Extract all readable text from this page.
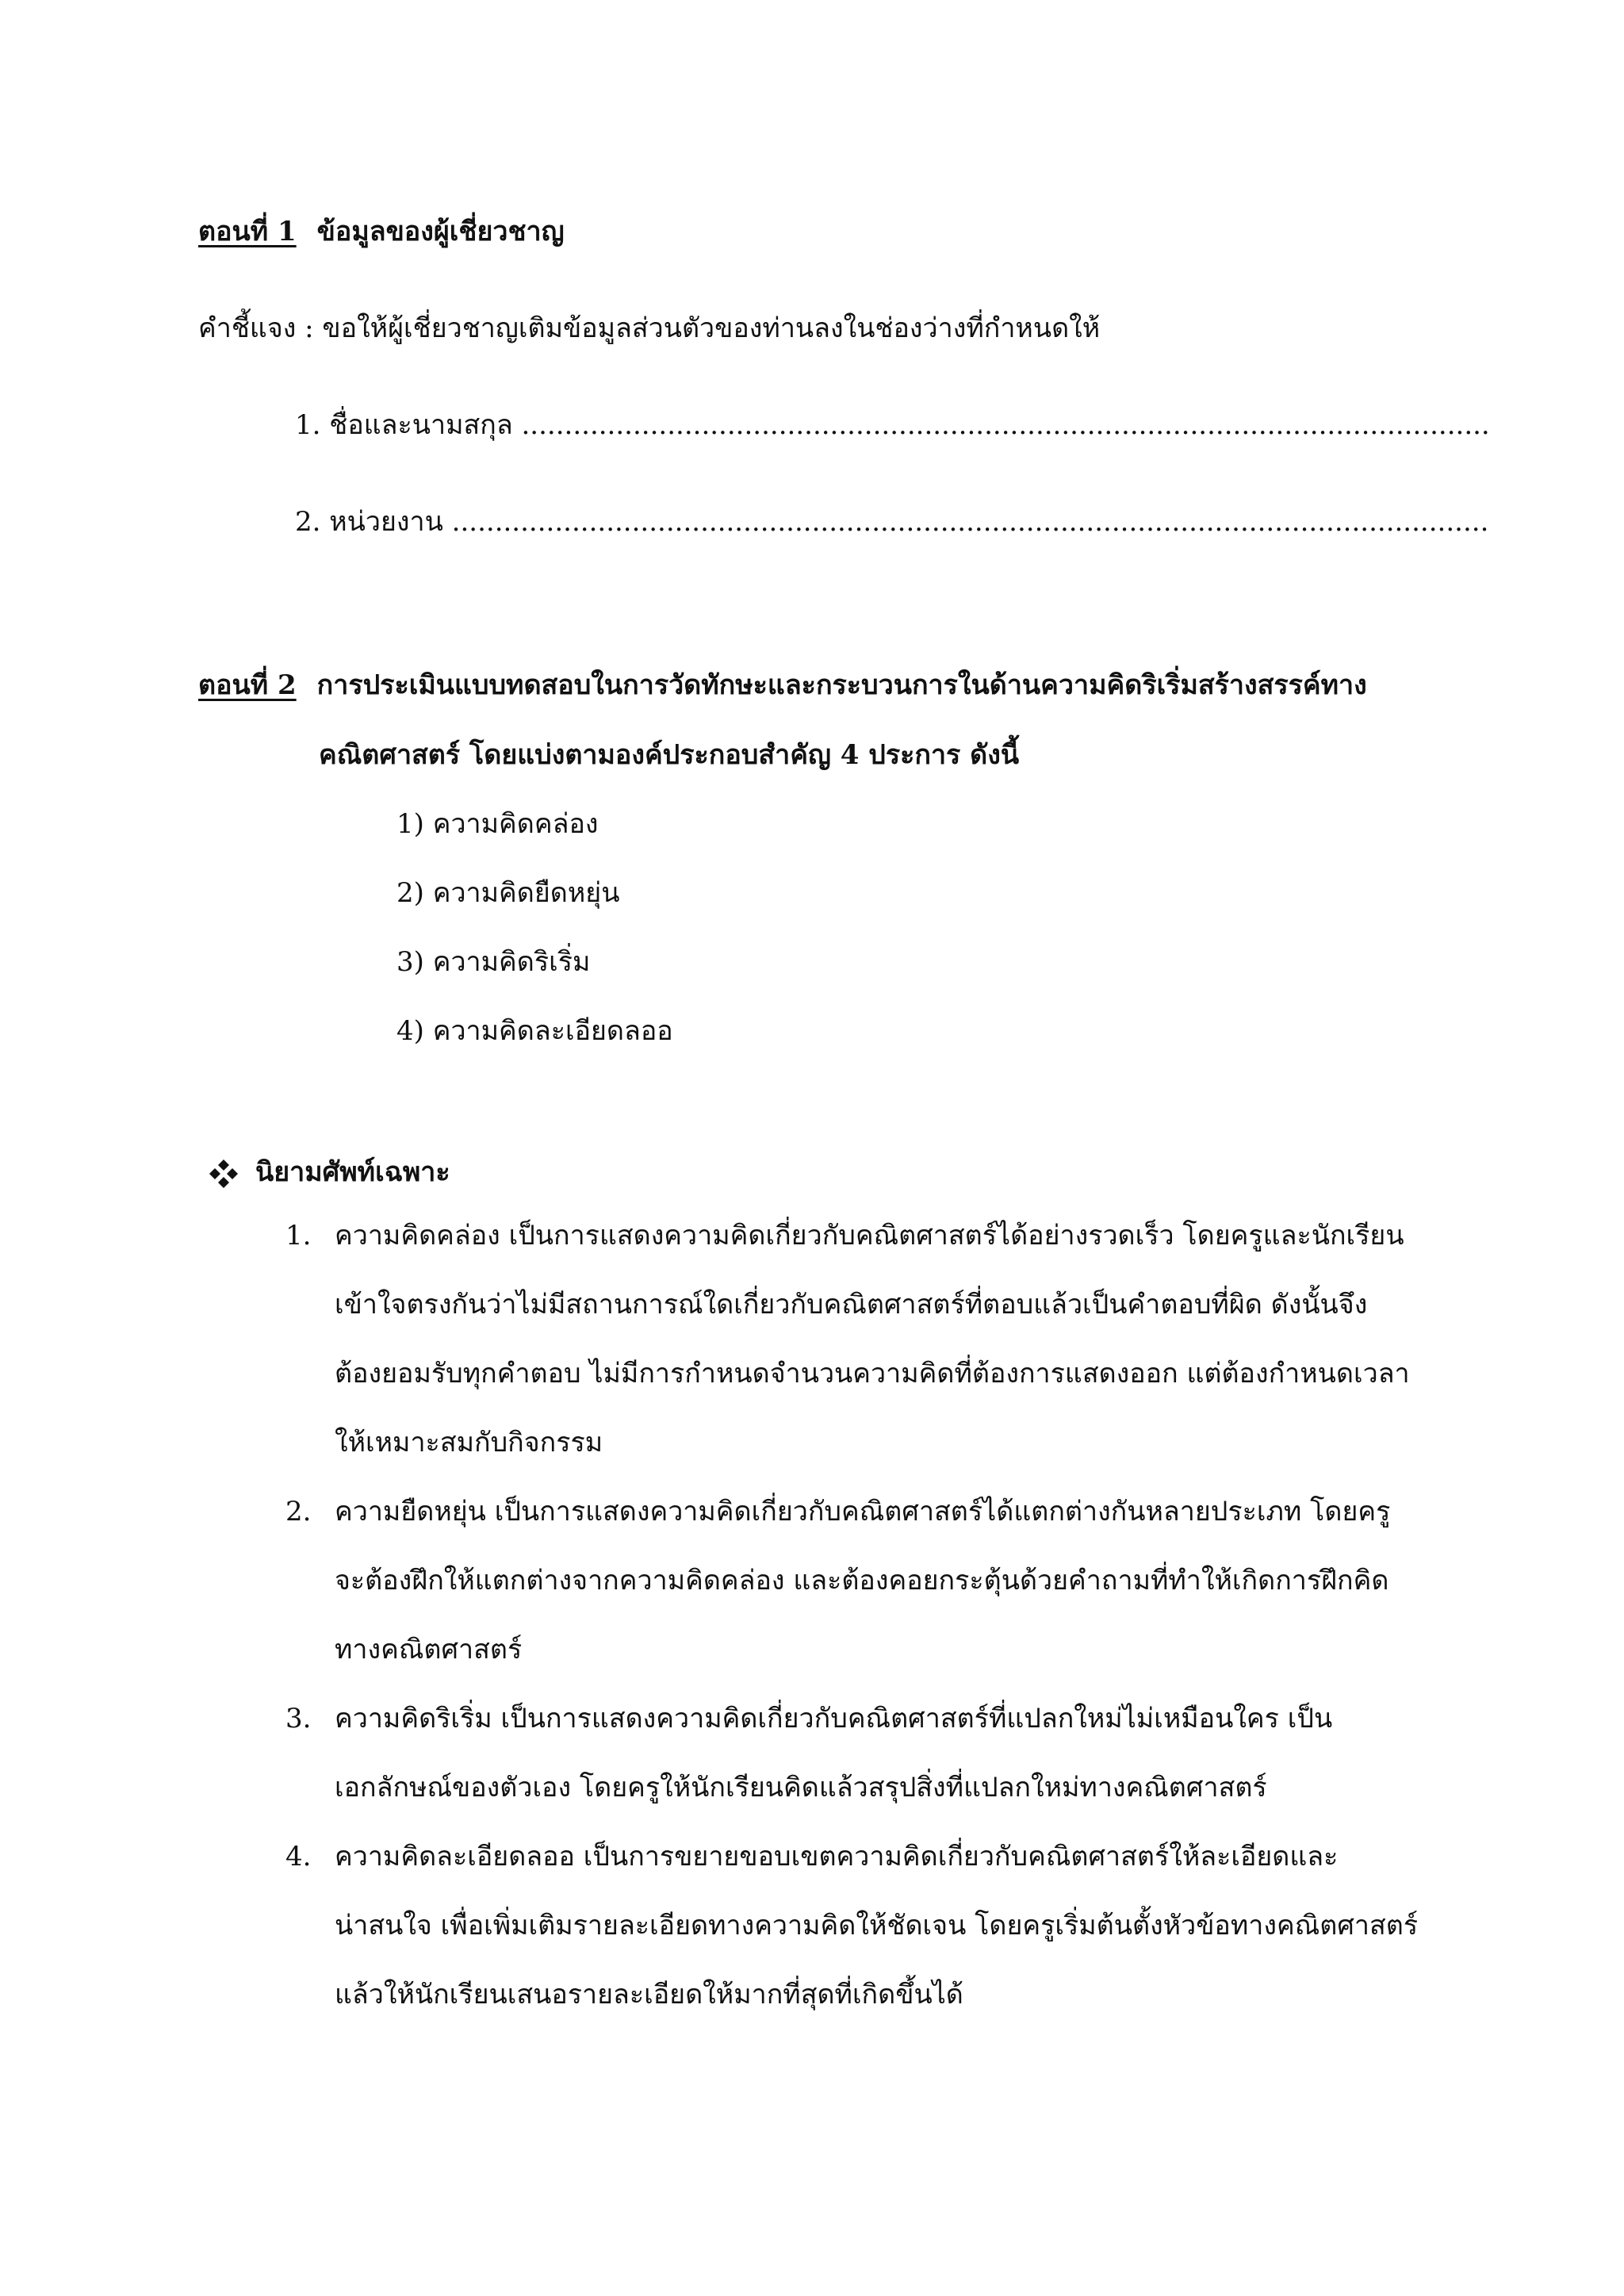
ตอนที่ 1 ข้อมูลของผู้เชี่ยวชาญ
คำชี้แจง : ขอให้ผู้เชี่ยวชาญเติมข้อมูลส่วนตัวของท่านลงในช่องว่างที่กำหนดให้
1. ชื่อและนามสกุล .................................................................................................................
2. หน่วยงาน .........................................................................................................................
ตอนที่ 2 การประเมินแบบทดสอบในการวัดทักษะและกระบวนการในด้านความคิดริเริ่มสร้างสรรค์ทาง
คณิตศาสตร์ โดยแบ่งตามองค์ประกอบสำคัญ 4 ประการ ดังนี้
1) ความคิดคล่อง
2) ความคิดยืดหยุ่น
3) ความคิดริเริ่ม
4) ความคิดละเอียดลออ
นิยามศัพท์เฉพาะ
1. ความคิดคล่อง เป็นการแสดงความคิดเกี่ยวกับคณิตศาสตร์ได้อย่างรวดเร็ว โดยครูและนักเรียน
เข้าใจตรงกันว่าไม่มีสถานการณ์ใดเกี่ยวกับคณิตศาสตร์ที่ตอบแล้วเป็นคำตอบที่ผิด ดังนั้นจึง
ต้องยอมรับทุกคำตอบ ไม่มีการกำหนดจำนวนความคิดที่ต้องการแสดงออก แต่ต้องกำหนดเวลา
ให้เหมาะสมกับกิจกรรม
2. ความยืดหยุ่น เป็นการแสดงความคิดเกี่ยวกับคณิตศาสตร์ได้แตกต่างกันหลายประเภท โดยครู
จะต้องฝึกให้แตกต่างจากความคิดคล่อง และต้องคอยกระตุ้นด้วยคำถามที่ทำให้เกิดการฝึกคิด
ทางคณิตศาสตร์
3. ความคิดริเริ่ม เป็นการแสดงความคิดเกี่ยวกับคณิตศาสตร์ที่แปลกใหม่ไม่เหมือนใคร เป็น
เอกลักษณ์ของตัวเอง โดยครูให้นักเรียนคิดแล้วสรุปสิ่งที่แปลกใหม่ทางคณิตศาสตร์
4. ความคิดละเอียดลออ เป็นการขยายขอบเขตความคิดเกี่ยวกับคณิตศาสตร์ให้ละเอียดและ
น่าสนใจ เพื่อเพิ่มเติมรายละเอียดทางความคิดให้ชัดเจน โดยครูเริ่มต้นตั้งหัวข้อทางคณิตศาสตร์
แล้วให้นักเรียนเสนอรายละเอียดให้มากที่สุดที่เกิดขึ้นได้
